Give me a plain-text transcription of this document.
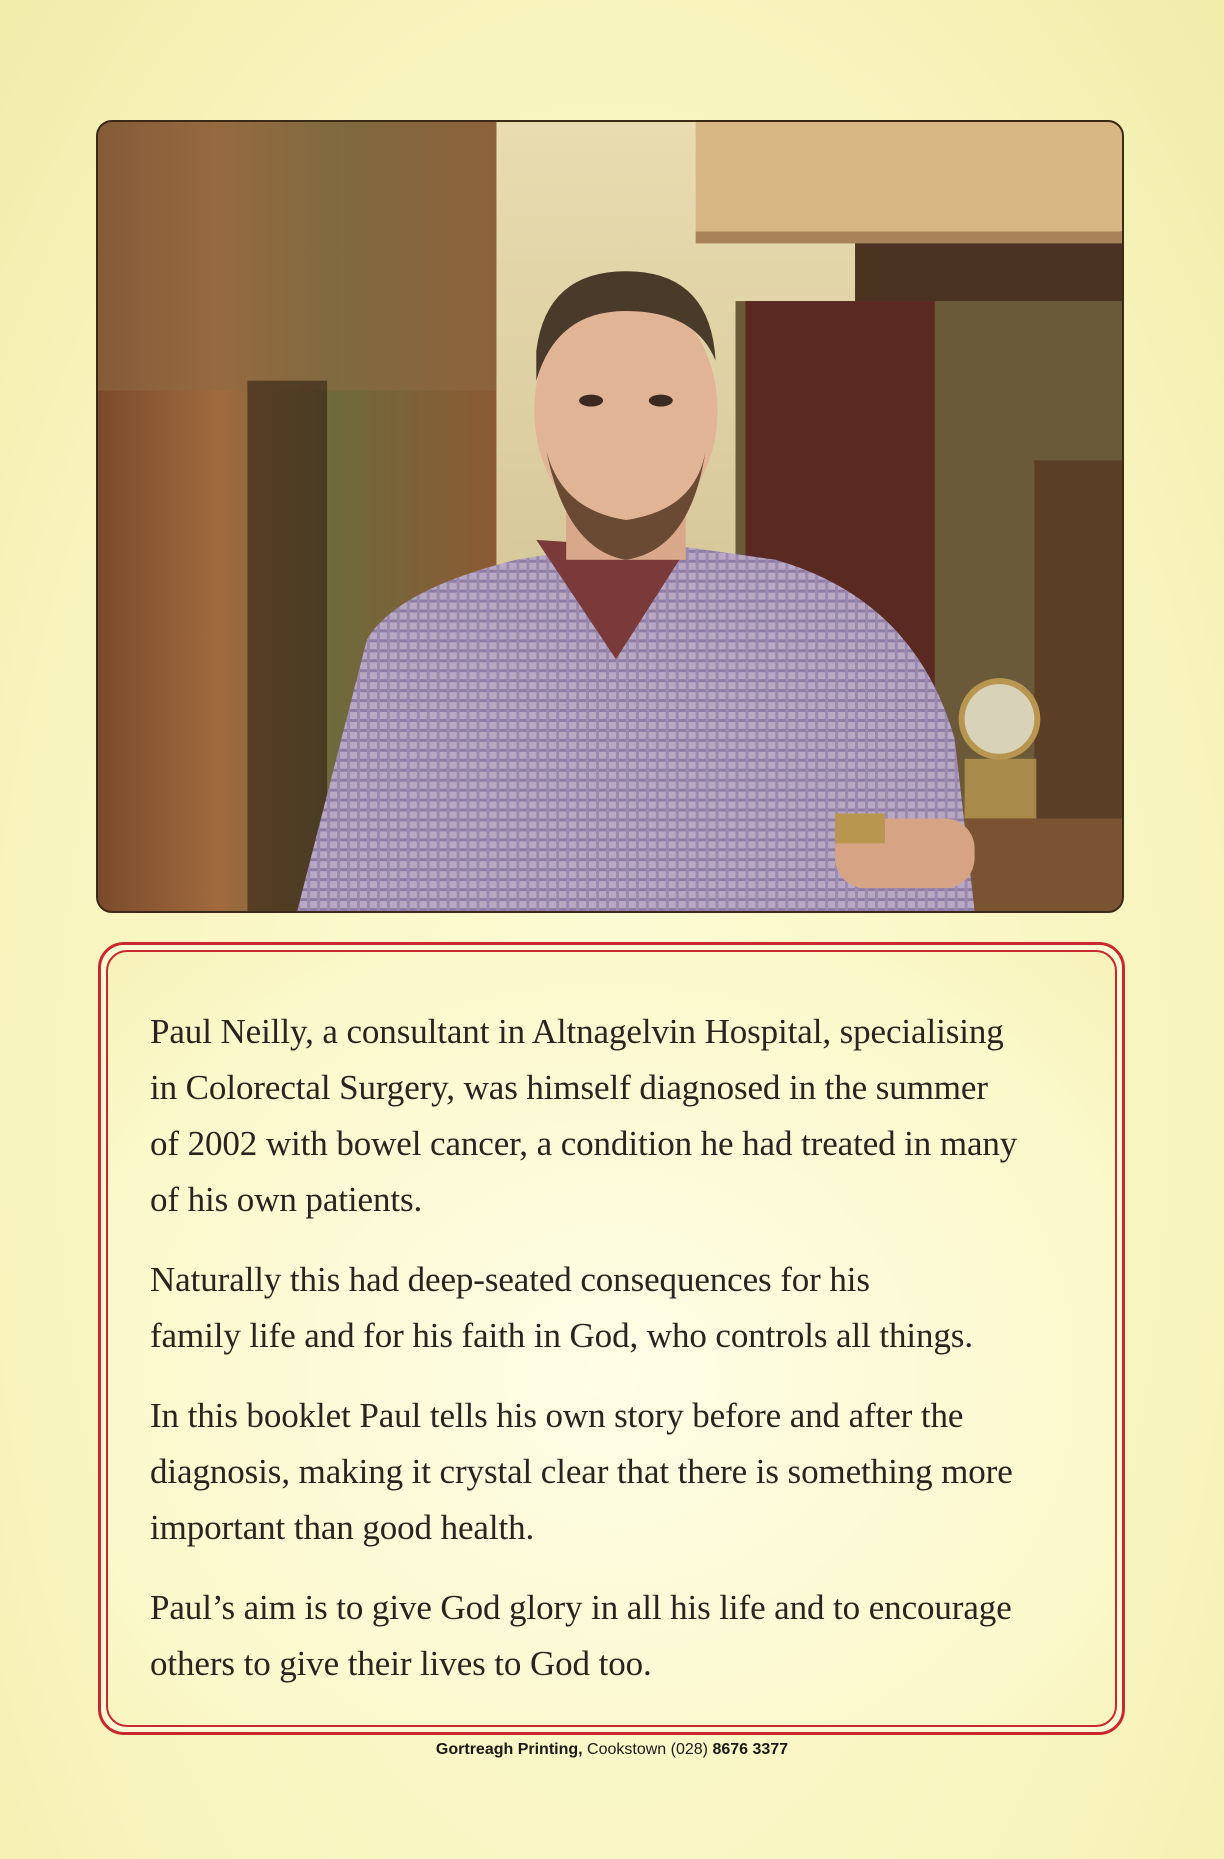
Paul Neilly, a consultant in Altnagelvin Hospital, specialising
in Colorectal Surgery, was himself diagnosed in the summer
of 2002 with bowel cancer, a condition he had treated in many
of his own patients.

Naturally this had deep-seated consequences for his
family life and for his faith in God, who controls all things.

In this booklet Paul tells his own story before and after the
diagnosis, making it crystal clear that there is something more
important than good health.

Paul’s aim is to give God glory in all his life and to encourage
others to give their lives to God too.

Gortreagh Printing, Cookstown (028) 8676 3377
